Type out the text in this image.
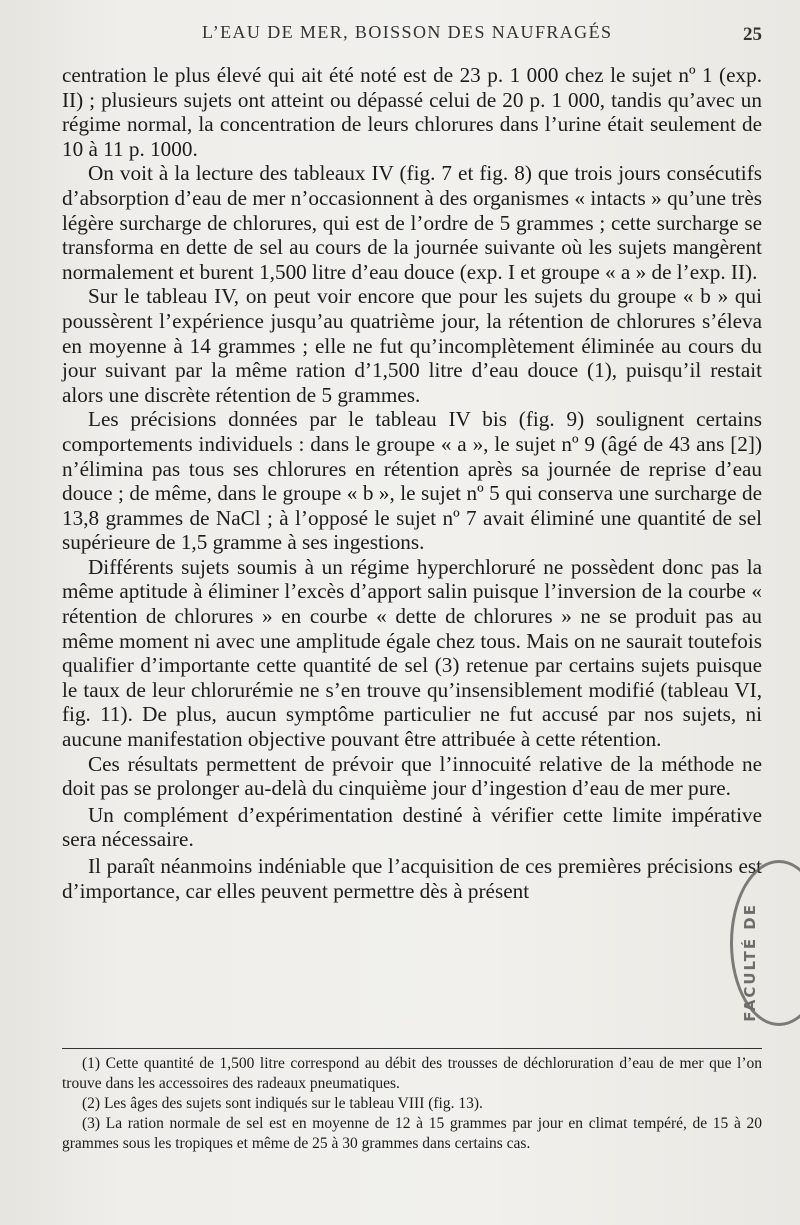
L’EAU DE MER, BOISSON DES NAUFRAGÉS	25

centration le plus élevé qui ait été noté est de 23 p. 1 000 chez le sujet nº 1 (exp. II) ; plusieurs sujets ont atteint ou dépassé celui de 20 p. 1 000, tandis qu’avec un régime normal, la concentration de leurs chlorures dans l’urine était seulement de 10 à 11 p. 1000.

On voit à la lecture des tableaux IV (fig. 7 et fig. 8) que trois jours consécutifs d’absorption d’eau de mer n’occasionnent à des organismes « intacts » qu’une très légère surcharge de chlorures, qui est de l’ordre de 5 grammes ; cette surcharge se transforma en dette de sel au cours de la journée suivante où les sujets mangèrent normalement et burent 1,500 litre d’eau douce (exp. I et groupe « a » de l’exp. II).

Sur le tableau IV, on peut voir encore que pour les sujets du groupe « b » qui poussèrent l’expérience jusqu’au quatrième jour, la rétention de chlorures s’éleva en moyenne à 14 grammes ; elle ne fut qu’incomplètement éliminée au cours du jour suivant par la même ration d’1,500 litre d’eau douce (1), puisqu’il restait alors une discrète rétention de 5 grammes.

Les précisions données par le tableau IV bis (fig. 9) soulignent certains comportements individuels : dans le groupe « a », le sujet nº 9 (âgé de 43 ans [2]) n’élimina pas tous ses chlorures en rétention après sa journée de reprise d’eau douce ; de même, dans le groupe « b », le sujet nº 5 qui conserva une surcharge de 13,8 grammes de NaCl ; à l’opposé le sujet nº 7 avait éliminé une quantité de sel supérieure de 1,5 gramme à ses ingestions.

Différents sujets soumis à un régime hyperchloruré ne possèdent donc pas la même aptitude à éliminer l’excès d’apport salin puisque l’inversion de la courbe « rétention de chlorures » en courbe « dette de chlorures » ne se produit pas au même moment ni avec une amplitude égale chez tous. Mais on ne saurait toutefois qualifier d’importante cette quantité de sel (3) retenue par certains sujets puisque le taux de leur chlorurémie ne s’en trouve qu’insensiblement modifié (tableau VI, fig. 11). De plus, aucun symptôme particulier ne fut accusé par nos sujets, ni aucune manifestation objective pouvant être attribuée à cette rétention.

Ces résultats permettent de prévoir que l’innocuité relative de la méthode ne doit pas se prolonger au-delà du cinquième jour d’ingestion d’eau de mer pure.

Un complément d’expérimentation destiné à vérifier cette limite impérative sera nécessaire.

Il paraît néanmoins indéniable que l’acquisition de ces premières précisions est d’importance, car elles peuvent permettre dès à présent

(1) Cette quantité de 1,500 litre correspond au débit des trousses de déchloruration d’eau de mer que l’on trouve dans les accessoires des radeaux pneumatiques.

(2) Les âges des sujets sont indiqués sur le tableau VIII (fig. 13).

(3) La ration normale de sel est en moyenne de 12 à 15 grammes par jour en climat tempéré, de 15 à 20 grammes sous les tropiques et même de 25 à 30 grammes dans certains cas.

FACULTÉ DE
